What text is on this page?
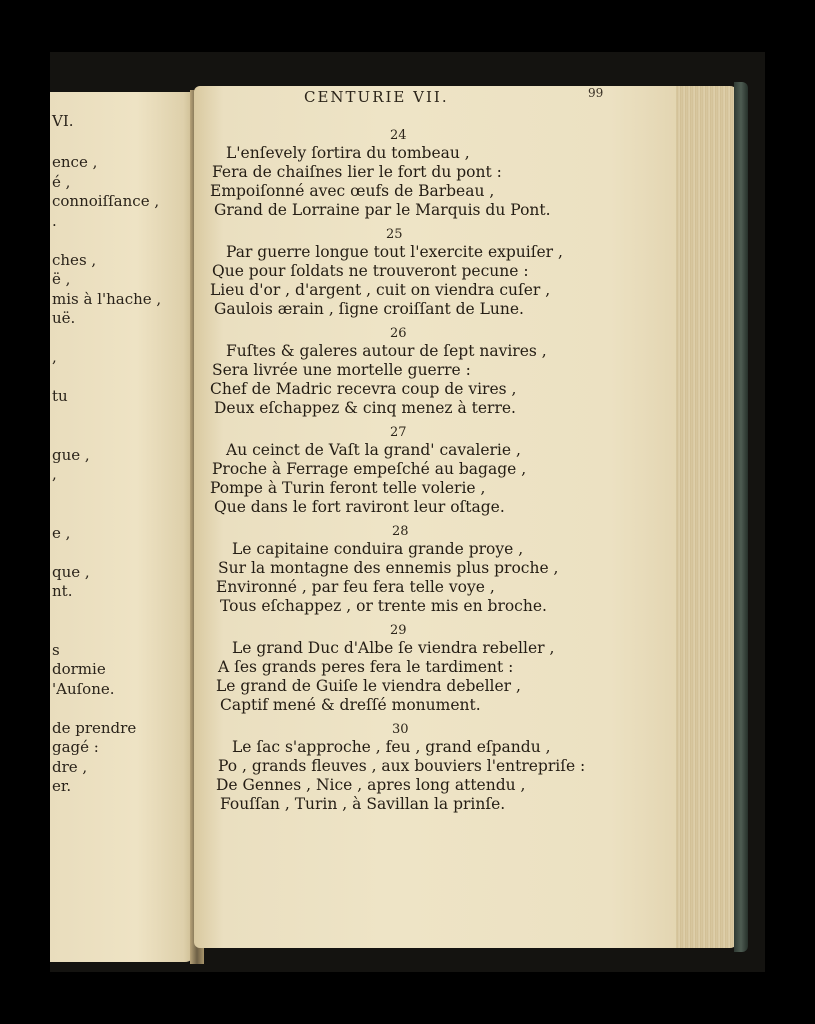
VI.
ence ,
é ,
connoiſſance ,
.
ches ,
ë ,
mis à l'hache ,
uë.
,
tu
gue ,
,
e ,
que ,
nt.
s
dormie
'Auſone.
de prendre
gagé :
dre ,
er.
CENTURIE VII.	99
24
L'enſevely ſortira du tombeau ,
Fera de chaiſnes lier le fort du pont :
Empoiſonné avec œufs de Barbeau ,
Grand de Lorraine par le Marquis du Pont.
25
Par guerre longue tout l'exercite expuiſer ,
Que pour ſoldats ne trouveront pecune :
Lieu d'or , d'argent , cuit on viendra cuſer ,
Gaulois ærain , ſigne croiſſant de Lune.
26
Fuſtes & galeres autour de ſept navires ,
Sera livrée une mortelle guerre :
Chef de Madric recevra coup de vires ,
Deux eſchappez & cinq menez à terre.
27
Au ceinct de Vaſt la grand' cavalerie ,
Proche à Ferrage empeſché au bagage ,
Pompe à Turin feront telle volerie ,
Que dans le fort raviront leur oſtage.
28
Le capitaine conduira grande proye ,
Sur la montagne des ennemis plus proche ,
Environné , par feu fera telle voye ,
Tous eſchappez , or trente mis en broche.
29
Le grand Duc d'Albe ſe viendra rebeller ,
A ſes grands peres fera le tardiment :
Le grand de Guiſe le viendra debeller ,
Captif mené & dreſſé monument.
30
Le ſac s'approche , feu , grand eſpandu ,
Po , grands fleuves , aux bouviers l'entrepriſe :
De Gennes , Nice , apres long attendu ,
Fouſſan , Turin , à Savillan la prinſe.
